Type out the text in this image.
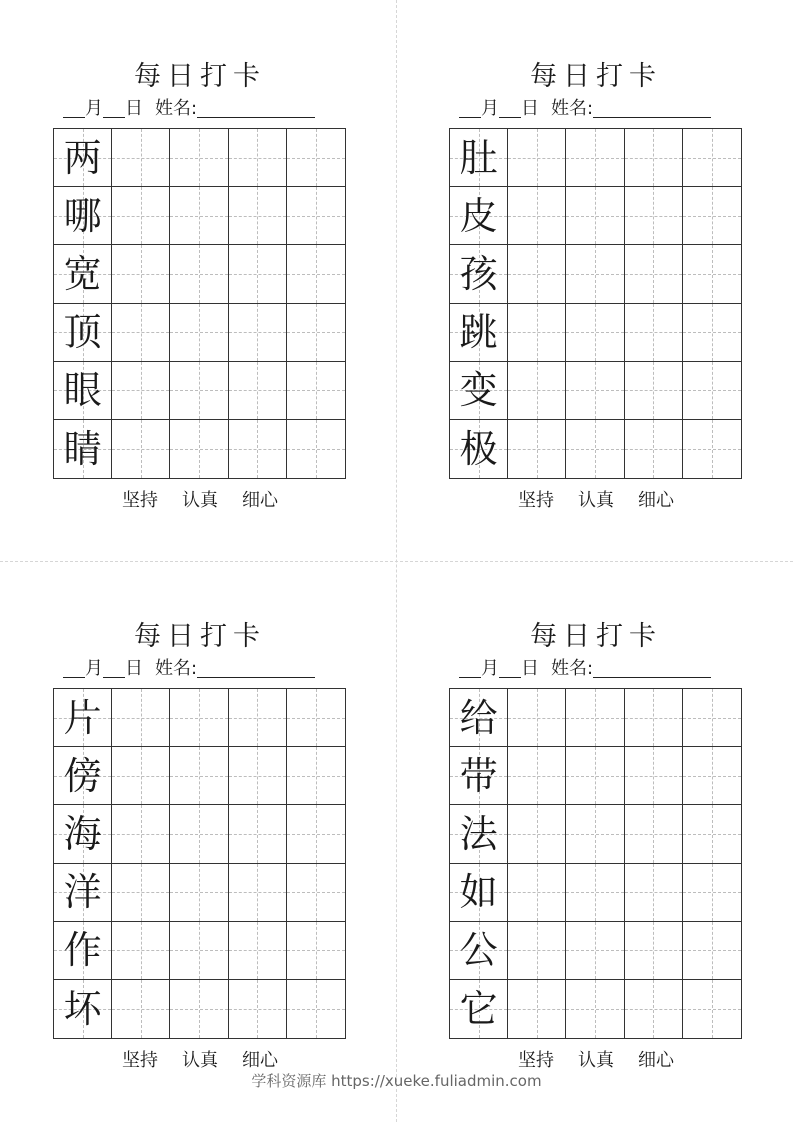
每日打卡
月 日 姓名:
两
哪
宽
顶
眼
睛
坚持 认真 细心
每日打卡
月 日 姓名:
肚
皮
孩
跳
变
极
坚持 认真 细心
每日打卡
月 日 姓名:
片
傍
海
洋
作
坏
坚持 认真 细心
每日打卡
月 日 姓名:
给
带
法
如
公
它
坚持 认真 细心
学科资源库 https://xueke.fuliadmin.com
